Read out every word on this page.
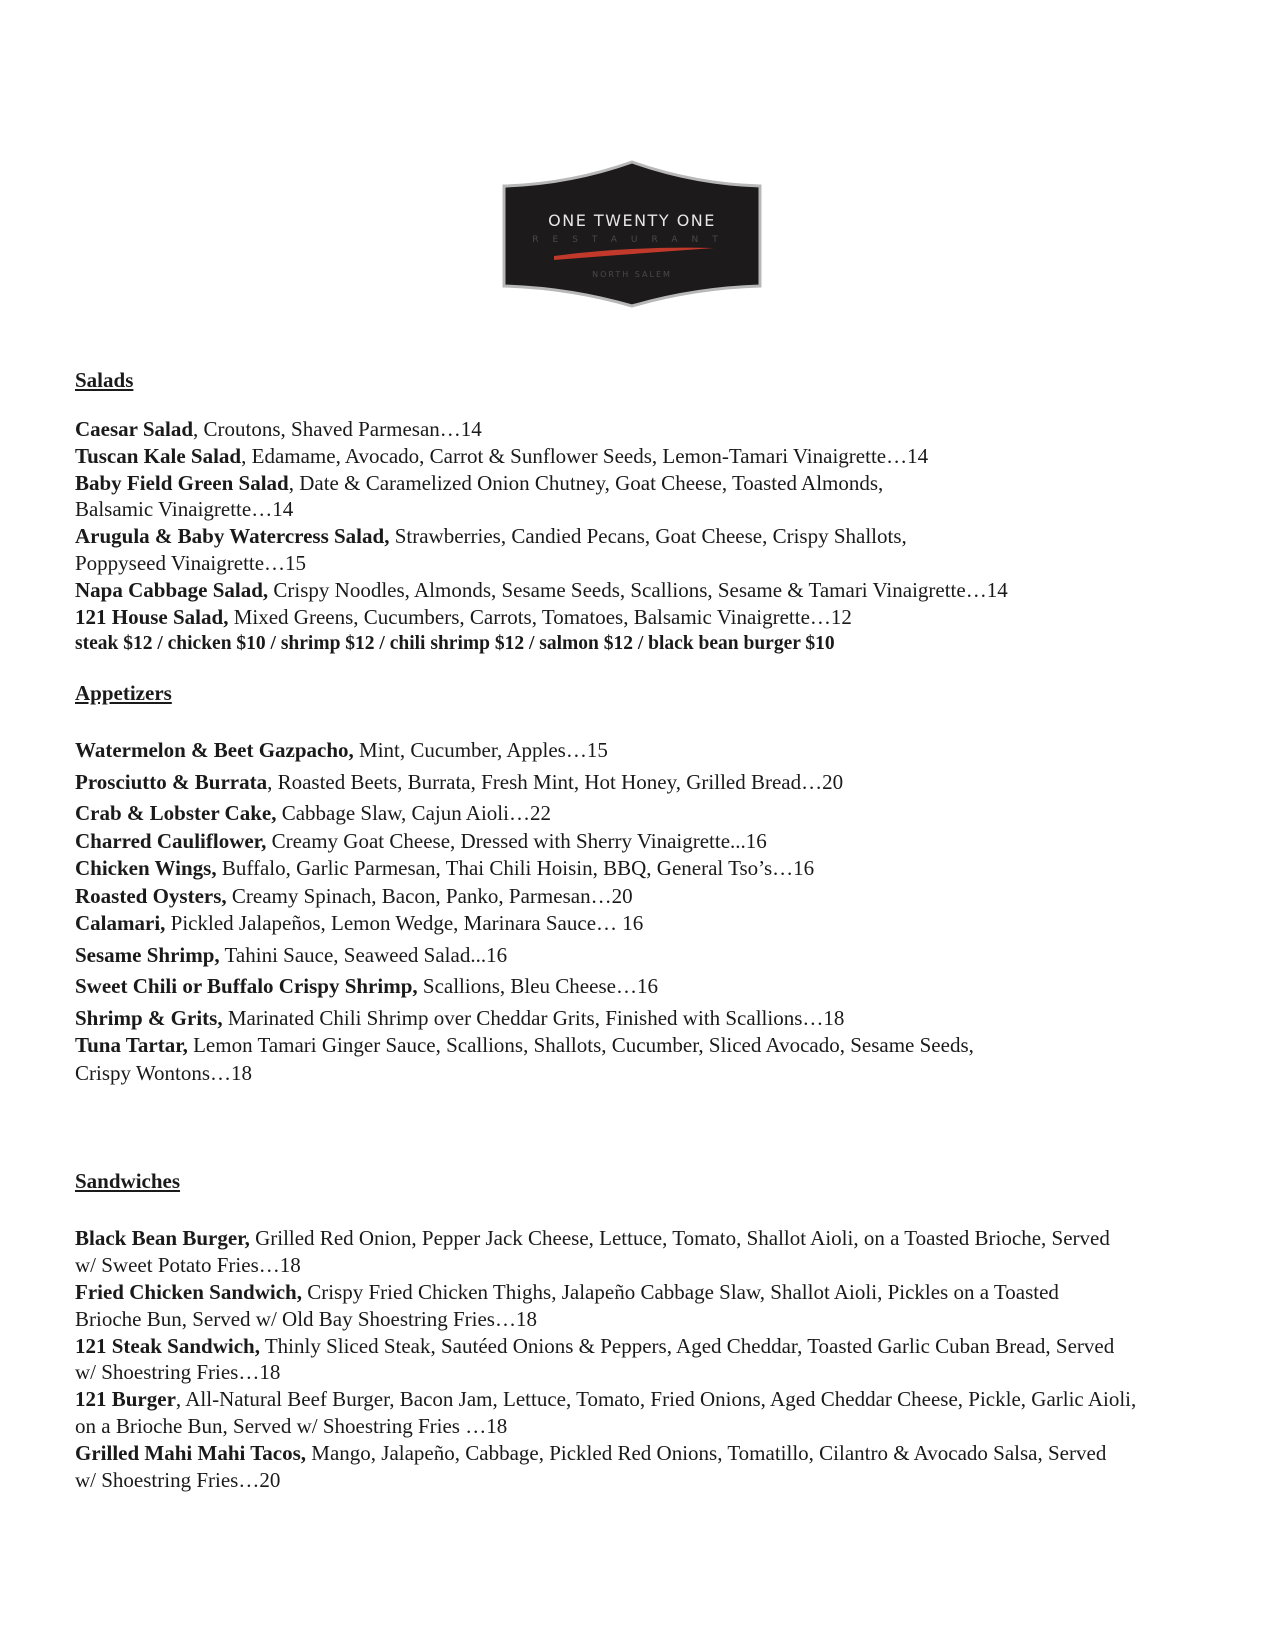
ONE TWENTY ONE
RESTAURANT
NORTH SALEM
Salads
Caesar Salad, Croutons, Shaved Parmesan…14
Tuscan Kale Salad, Edamame, Avocado, Carrot & Sunflower Seeds, Lemon-Tamari Vinaigrette…14
Baby Field Green Salad, Date & Caramelized Onion Chutney, Goat Cheese, Toasted Almonds, Balsamic Vinaigrette…14
Arugula & Baby Watercress Salad, Strawberries, Candied Pecans, Goat Cheese, Crispy Shallots, Poppyseed Vinaigrette…15
Napa Cabbage Salad, Crispy Noodles, Almonds, Sesame Seeds, Scallions, Sesame & Tamari Vinaigrette…14
121 House Salad, Mixed Greens, Cucumbers, Carrots, Tomatoes, Balsamic Vinaigrette…12
steak $12 / chicken $10 / shrimp $12 / chili shrimp $12 / salmon $12 / black bean burger $10
Appetizers
Watermelon & Beet Gazpacho, Mint, Cucumber, Apples…15
Prosciutto & Burrata, Roasted Beets, Burrata, Fresh Mint, Hot Honey, Grilled Bread…20
Crab & Lobster Cake, Cabbage Slaw, Cajun Aioli…22
Charred Cauliflower, Creamy Goat Cheese, Dressed with Sherry Vinaigrette...16
Chicken Wings, Buffalo, Garlic Parmesan, Thai Chili Hoisin, BBQ, General Tso’s…16
Roasted Oysters, Creamy Spinach, Bacon, Panko, Parmesan…20
Calamari, Pickled Jalapeños, Lemon Wedge, Marinara Sauce… 16
Sesame Shrimp, Tahini Sauce, Seaweed Salad...16
Sweet Chili or Buffalo Crispy Shrimp, Scallions, Bleu Cheese…16
Shrimp & Grits, Marinated Chili Shrimp over Cheddar Grits, Finished with Scallions…18
Tuna Tartar, Lemon Tamari Ginger Sauce, Scallions, Shallots, Cucumber, Sliced Avocado, Sesame Seeds, Crispy Wontons…18
Sandwiches
Black Bean Burger, Grilled Red Onion, Pepper Jack Cheese, Lettuce, Tomato, Shallot Aioli, on a Toasted Brioche, Served w/ Sweet Potato Fries…18
Fried Chicken Sandwich, Crispy Fried Chicken Thighs, Jalapeño Cabbage Slaw, Shallot Aioli, Pickles on a Toasted Brioche Bun, Served w/ Old Bay Shoestring Fries…18
121 Steak Sandwich, Thinly Sliced Steak, Sautéed Onions & Peppers, Aged Cheddar, Toasted Garlic Cuban Bread, Served w/ Shoestring Fries…18
121 Burger, All-Natural Beef Burger, Bacon Jam, Lettuce, Tomato, Fried Onions, Aged Cheddar Cheese, Pickle, Garlic Aioli, on a Brioche Bun, Served w/ Shoestring Fries …18
Grilled Mahi Mahi Tacos, Mango, Jalapeño, Cabbage, Pickled Red Onions, Tomatillo, Cilantro & Avocado Salsa, Served w/ Shoestring Fries…20
